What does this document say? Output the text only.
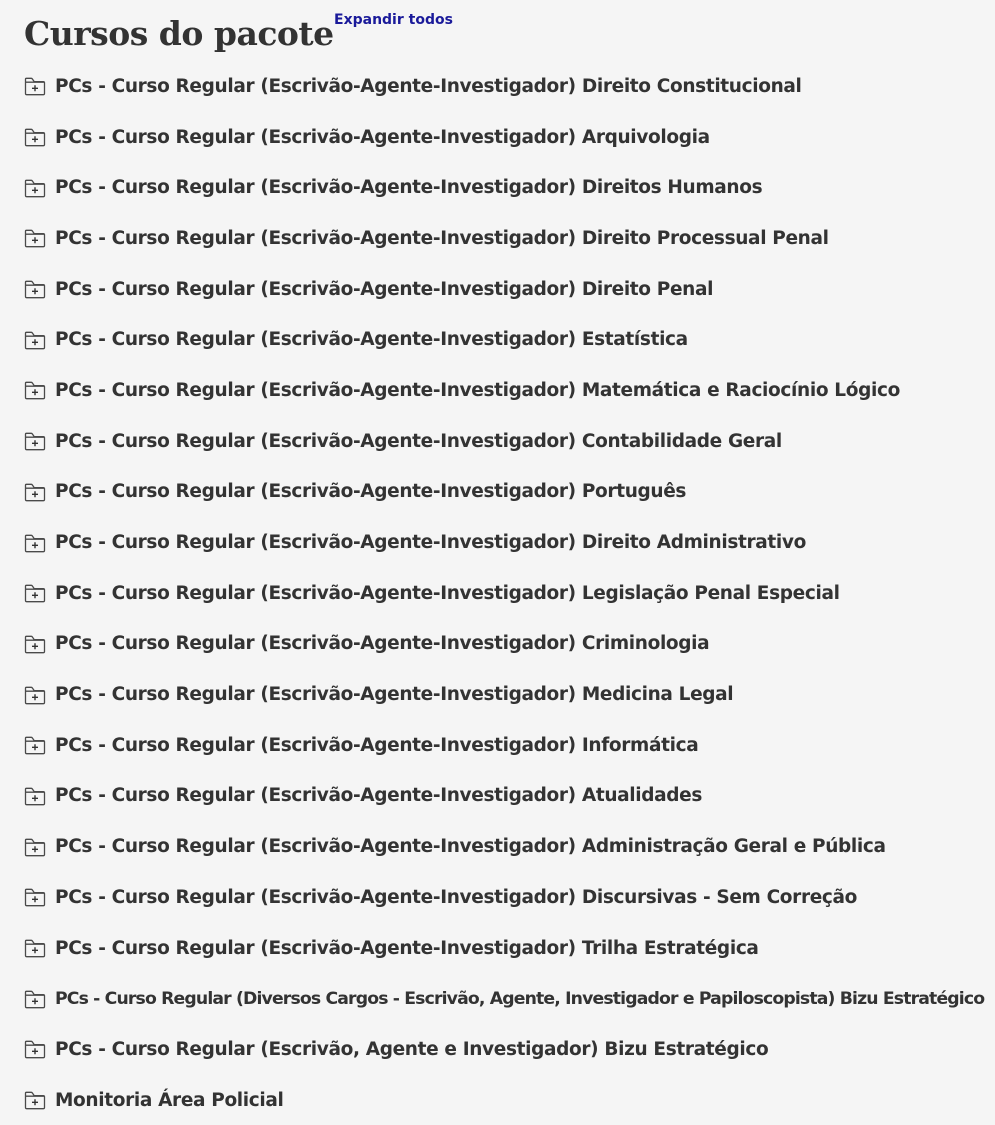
Cursos do pacote Expandir todos
PCs - Curso Regular (Escrivão-Agente-Investigador) Direito Constitucional
PCs - Curso Regular (Escrivão-Agente-Investigador) Arquivologia
PCs - Curso Regular (Escrivão-Agente-Investigador) Direitos Humanos
PCs - Curso Regular (Escrivão-Agente-Investigador) Direito Processual Penal
PCs - Curso Regular (Escrivão-Agente-Investigador) Direito Penal
PCs - Curso Regular (Escrivão-Agente-Investigador) Estatística
PCs - Curso Regular (Escrivão-Agente-Investigador) Matemática e Raciocínio Lógico
PCs - Curso Regular (Escrivão-Agente-Investigador) Contabilidade Geral
PCs - Curso Regular (Escrivão-Agente-Investigador) Português
PCs - Curso Regular (Escrivão-Agente-Investigador) Direito Administrativo
PCs - Curso Regular (Escrivão-Agente-Investigador) Legislação Penal Especial
PCs - Curso Regular (Escrivão-Agente-Investigador) Criminologia
PCs - Curso Regular (Escrivão-Agente-Investigador) Medicina Legal
PCs - Curso Regular (Escrivão-Agente-Investigador) Informática
PCs - Curso Regular (Escrivão-Agente-Investigador) Atualidades
PCs - Curso Regular (Escrivão-Agente-Investigador) Administração Geral e Pública
PCs - Curso Regular (Escrivão-Agente-Investigador) Discursivas - Sem Correção
PCs - Curso Regular (Escrivão-Agente-Investigador) Trilha Estratégica
PCs - Curso Regular (Diversos Cargos - Escrivão, Agente, Investigador e Papiloscopista) Bizu Estratégico
PCs - Curso Regular (Escrivão, Agente e Investigador) Bizu Estratégico
Monitoria Área Policial
